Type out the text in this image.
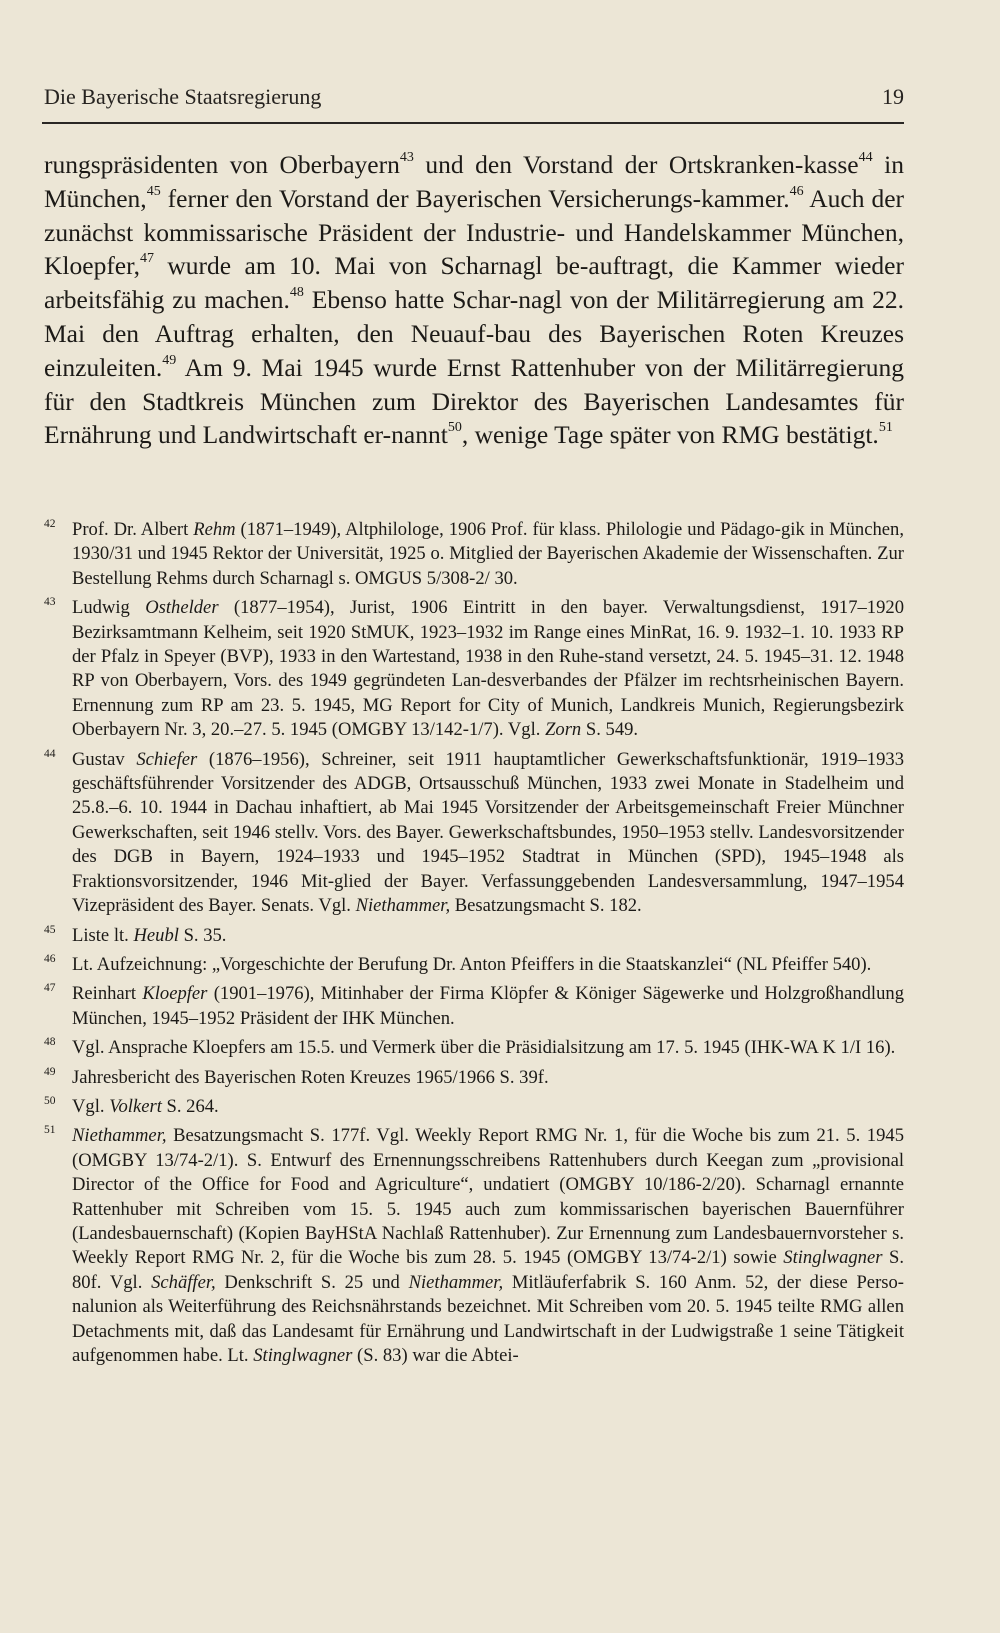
Die Bayerische Staatsregierung	19
rungspräsidenten von Oberbayern$^{43}$ und den Vorstand der Ortskranken-kasse$^{44}$ in München,$^{45}$ ferner den Vorstand der Bayerischen Versicherungs-kammer.$^{46}$ Auch der zunächst kommissarische Präsident der Industrie- und Handelskammer München, Kloepfer,$^{47}$ wurde am 10. Mai von Scharnagl be-auftragt, die Kammer wieder arbeitsfähig zu machen.$^{48}$ Ebenso hatte Schar-nagl von der Militärregierung am 22. Mai den Auftrag erhalten, den Neuauf-bau des Bayerischen Roten Kreuzes einzuleiten.$^{49}$ Am 9. Mai 1945 wurde Ernst Rattenhuber von der Militärregierung für den Stadtkreis München zum Direktor des Bayerischen Landesamtes für Ernährung und Landwirtschaft er-nannt$^{50}$, wenige Tage später von RMG bestätigt.$^{51}$
$^{42}$ Prof. Dr. Albert Rehm (1871–1949), Altphilologe, 1906 Prof. für klass. Philologie und Pädago-gik in München, 1930/31 und 1945 Rektor der Universität, 1925 o. Mitglied der Bayerischen Akademie der Wissenschaften. Zur Bestellung Rehms durch Scharnagl s. OMGUS 5/308-2/ 30.
$^{43}$ Ludwig Osthelder (1877–1954), Jurist, 1906 Eintritt in den bayer. Verwaltungsdienst, 1917–1920 Bezirksamtmann Kelheim, seit 1920 StMUK, 1923–1932 im Range eines MinRat, 16. 9. 1932–1. 10. 1933 RP der Pfalz in Speyer (BVP), 1933 in den Wartestand, 1938 in den Ruhe-stand versetzt, 24. 5. 1945–31. 12. 1948 RP von Oberbayern, Vors. des 1949 gegründeten Lan-desverbandes der Pfälzer im rechtsrheinischen Bayern. Ernennung zum RP am 23. 5. 1945, MG Report for City of Munich, Landkreis Munich, Regierungsbezirk Oberbayern Nr. 3, 20.–27. 5. 1945 (OMGBY 13/142-1/7). Vgl. Zorn S. 549.
$^{44}$ Gustav Schiefer (1876–1956), Schreiner, seit 1911 hauptamtlicher Gewerkschaftsfunktionär, 1919–1933 geschäftsführender Vorsitzender des ADGB, Ortsausschuß München, 1933 zwei Monate in Stadelheim und 25.8.–6. 10. 1944 in Dachau inhaftiert, ab Mai 1945 Vorsitzender der Arbeitsgemeinschaft Freier Münchner Gewerkschaften, seit 1946 stellv. Vors. des Bayer. Gewerkschaftsbundes, 1950–1953 stellv. Landesvorsitzender des DGB in Bayern, 1924–1933 und 1945–1952 Stadtrat in München (SPD), 1945–1948 als Fraktionsvorsitzender, 1946 Mit-glied der Bayer. Verfassunggebenden Landesversammlung, 1947–1954 Vizepräsident des Bayer. Senats. Vgl. Niethammer, Besatzungsmacht S. 182.
$^{45}$ Liste lt. Heubl S. 35.
$^{46}$ Lt. Aufzeichnung: „Vorgeschichte der Berufung Dr. Anton Pfeiffers in die Staatskanzlei“ (NL Pfeiffer 540).
$^{47}$ Reinhart Kloepfer (1901–1976), Mitinhaber der Firma Klöpfer & Königer Sägewerke und Holzgroßhandlung München, 1945–1952 Präsident der IHK München.
$^{48}$ Vgl. Ansprache Kloepfers am 15.5. und Vermerk über die Präsidialsitzung am 17. 5. 1945 (IHK-WA K 1/I 16).
$^{49}$ Jahresbericht des Bayerischen Roten Kreuzes 1965/1966 S. 39f.
$^{50}$ Vgl. Volkert S. 264.
$^{51}$ Niethammer, Besatzungsmacht S. 177f. Vgl. Weekly Report RMG Nr. 1, für die Woche bis zum 21. 5. 1945 (OMGBY 13/74-2/1). S. Entwurf des Ernennungsschreibens Rattenhubers durch Keegan zum „provisional Director of the Office for Food and Agriculture“, undatiert (OMGBY 10/186-2/20). Scharnagl ernannte Rattenhuber mit Schreiben vom 15. 5. 1945 auch zum kommissarischen bayerischen Bauernführer (Landesbauernschaft) (Kopien BayHStA Nachlaß Rattenhuber). Zur Ernennung zum Landesbauernvorsteher s. Weekly Report RMG Nr. 2, für die Woche bis zum 28. 5. 1945 (OMGBY 13/74-2/1) sowie Stinglwagner S. 80f. Vgl. Schäffer, Denkschrift S. 25 und Niethammer, Mitläuferfabrik S. 160 Anm. 52, der diese Perso-nalunion als Weiterführung des Reichsnährstands bezeichnet. Mit Schreiben vom 20. 5. 1945 teilte RMG allen Detachments mit, daß das Landesamt für Ernährung und Landwirtschaft in der Ludwigstraße 1 seine Tätigkeit aufgenommen habe. Lt. Stinglwagner (S. 83) war die Abtei-
